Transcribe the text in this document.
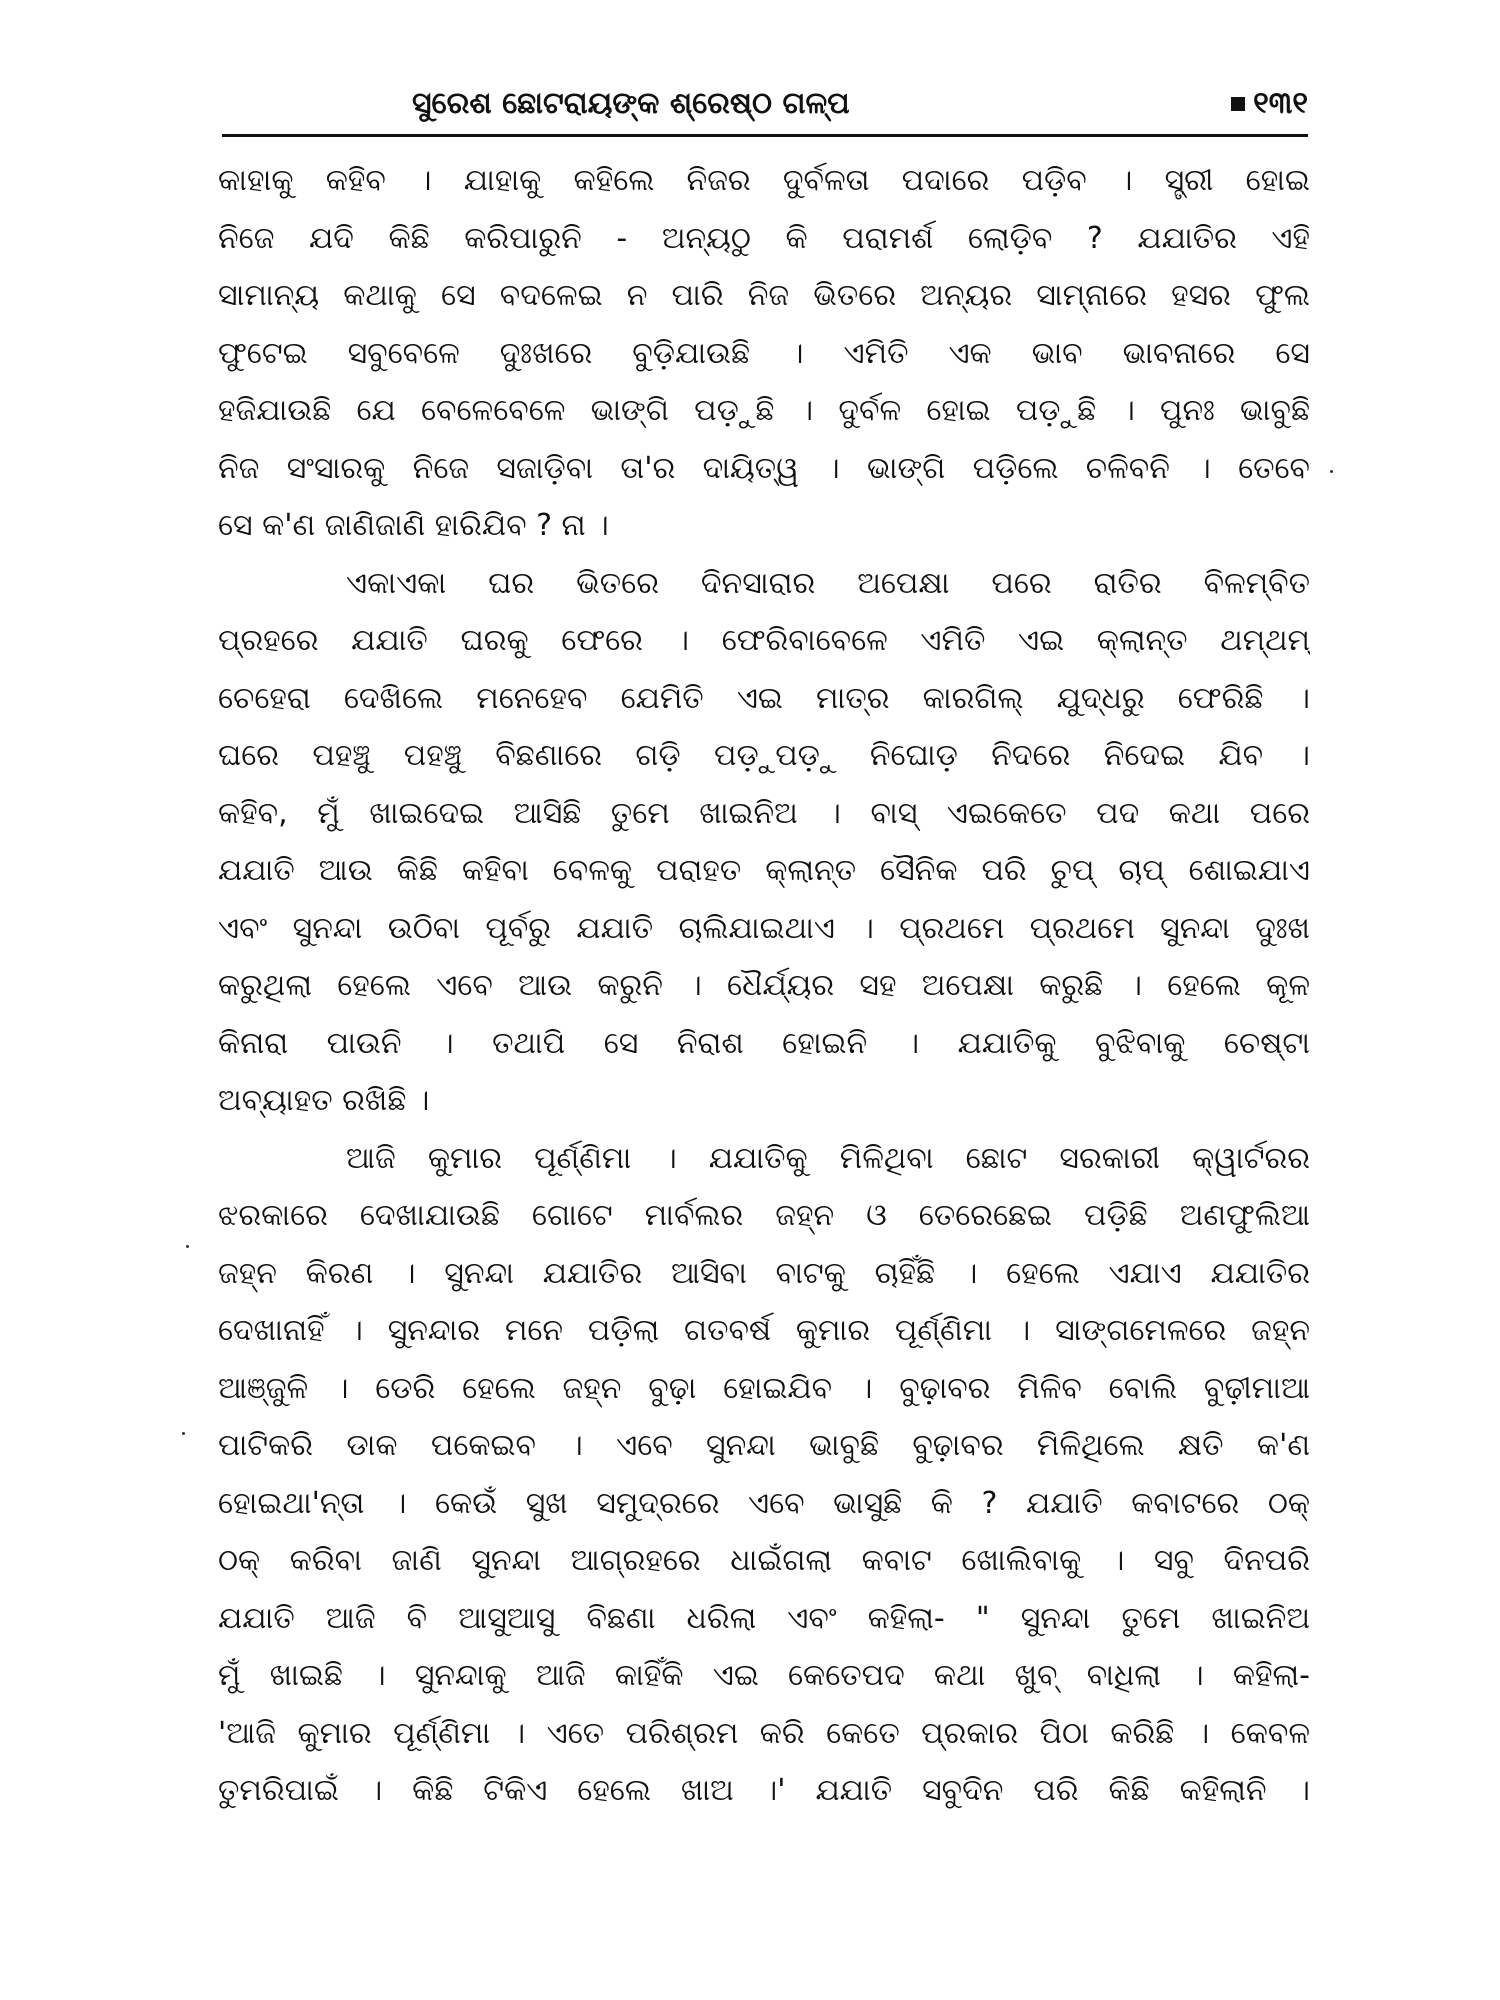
ସୁରେଶ ଛୋଟରାୟଙ୍କ ଶ୍ରେଷ୍ଠ ଗଳ୍ପ	୧୩୧
କାହାକୁ କହିବ । ଯାହାକୁ କହିଲେ ନିଜର ଦୁର୍ବଳତା ପଦାରେ ପଡ଼ିବ । ସ୍ତ୍ରୀ ହୋଇ
ନିଜେ ଯଦି କିଛି କରିପାରୁନି - ଅନ୍ୟଠୁ କି ପରାମର୍ଶ ଲୋଡ଼ିବ ? ଯଯାତିର ଏହି
ସାମାନ୍ୟ କଥାକୁ ସେ ବଦଳେଇ ନ ପାରି ନିଜ ଭିତରେ ଅନ୍ୟର ସାମ୍ନାରେ ହସର ଫୁଲ
ଫୁଟେଇ ସବୁବେଳେ ଦୁଃଖରେ ବୁଡ଼ିଯାଉଛି । ଏମିତି ଏକ ଭାବ ଭାବନାରେ ସେ
ହଜିଯାଉଛି ଯେ ବେଳେବେଳେ ଭାଙ୍ଗି ପଡ଼ୁଛି । ଦୁର୍ବଳ ହୋଇ ପଡ଼ୁଛି । ପୁନଃ ଭାବୁଛି
ନିଜ ସଂସାରକୁ ନିଜେ ସଜାଡ଼ିବା ତା'ର ଦାୟିତ୍ୱ । ଭାଙ୍ଗି ପଡ଼ିଲେ ଚଳିବନି । ତେବେ
ସେ କ'ଣ ଜାଣିଜାଣି ହାରିଯିବ ? ନା ।
ଏକାଏକା ଘର ଭିତରେ ଦିନସାରାର ଅପେକ୍ଷା ପରେ ରାତିର ବିଳମ୍ବିତ
ପ୍ରହରେ ଯଯାତି ଘରକୁ ଫେରେ । ଫେରିବାବେଳେ ଏମିତି ଏଇ କ୍ଲାନ୍ତ ଥମ୍‌ଥମ୍
ଚେହେରା ଦେଖିଲେ ମନେହେବ ଯେମିତି ଏଇ ମାତ୍ର କାରଗିଲ୍ ଯୁଦ୍ଧରୁ ଫେରିଛି ।
ଘରେ ପହଞ୍ଚୁ ପହଞ୍ଚୁ ବିଛଣାରେ ଗଡ଼ି ପଡ଼ୁପଡ଼ୁ ନିଘୋଡ଼ ନିଦରେ ନିଦେଇ ଯିବ ।
କହିବ, ମୁଁ ଖାଇଦେଇ ଆସିଛି ତୁମେ ଖାଇନିଅ । ବାସ୍ ଏଇକେତେ ପଦ କଥା ପରେ
ଯଯାତି ଆଉ କିଛି କହିବା ବେଳକୁ ପରାହତ କ୍ଲାନ୍ତ ସୈନିକ ପରି ଚୁପ୍ ଚାପ୍ ଶୋଇଯାଏ
ଏବଂ ସୁନନ୍ଦା ଉଠିବା ପୂର୍ବରୁ ଯଯାତି ଚାଲିଯାଇଥାଏ । ପ୍ରଥମେ ପ୍ରଥମେ ସୁନନ୍ଦା ଦୁଃଖ
କରୁଥିଲା ହେଲେ ଏବେ ଆଉ କରୁନି । ଧୈର୍ଯ୍ୟର ସହ ଅପେକ୍ଷା କରୁଛି । ହେଲେ କୂଳ
କିନାରା ପାଉନି । ତଥାପି ସେ ନିରାଶ ହୋଇନି । ଯଯାତିକୁ ବୁଝିବାକୁ ଚେଷ୍ଟା
ଅବ୍ୟାହତ ରଖିଛି ।
ଆଜି କୁମାର ପୂର୍ଣ୍ଣିମା । ଯଯାତିକୁ ମିଳିଥିବା ଛୋଟ ସରକାରୀ କ୍ୱାର୍ଟରର
ଝରକାରେ ଦେଖାଯାଉଛି ଗୋଟେ ମାର୍ବଲର ଜହ୍ନ ଓ ତେରେଛେଇ ପଡ଼ିଛି ଅଣଫୁଲିଆ
ଜହ୍ନ କିରଣ । ସୁନନ୍ଦା ଯଯାତିର ଆସିବା ବାଟକୁ ଚାହିଁଛି । ହେଲେ ଏଯାଏ ଯଯାତିର
ଦେଖାନାହିଁ । ସୁନନ୍ଦାର ମନେ ପଡ଼ିଲା ଗତବର୍ଷ କୁମାର ପୂର୍ଣ୍ଣିମା । ସାଙ୍ଗମେଳରେ ଜହ୍ନ
ଆଞ୍ଜୁଳି । ଡେରି ହେଲେ ଜହ୍ନ ବୁଢ଼ା ହୋଇଯିବ । ବୁଢ଼ାବର ମିଳିବ ବୋଲି ବୁଢ଼ୀମାଆ
ପାଟିକରି ଡାକ ପକେଇବ । ଏବେ ସୁନନ୍ଦା ଭାବୁଛି ବୁଢ଼ାବର ମିଳିଥିଲେ କ୍ଷତି କ'ଣ
ହୋଇଥା'ନ୍ତା । କେଉଁ ସୁଖ ସମୁଦ୍ରରେ ଏବେ ଭାସୁଛି କି ? ଯଯାତି କବାଟରେ ଠକ୍
ଠକ୍ କରିବା ଜାଣି ସୁନନ୍ଦା ଆଗ୍ରହରେ ଧାଇଁଗଲା କବାଟ ଖୋଲିବାକୁ । ସବୁ ଦିନପରି
ଯଯାତି ଆଜି ବି ଆସୁଆସୁ ବିଛଣା ଧରିଲା ଏବଂ କହିଲା- " ସୁନନ୍ଦା ତୁମେ ଖାଇନିଅ
ମୁଁ ଖାଇଛି । ସୁନନ୍ଦାକୁ ଆଜି କାହିଁକି ଏଇ କେତେପଦ କଥା ଖୁବ୍ ବାଧିଲା । କହିଲା-
'ଆଜି କୁମାର ପୂର୍ଣ୍ଣିମା । ଏତେ ପରିଶ୍ରମ କରି କେତେ ପ୍ରକାର ପିଠା କରିଛି । କେବଳ
ତୁମରିପାଇଁ । କିଛି ଟିକିଏ ହେଲେ ଖାଅ ।' ଯଯାତି ସବୁଦିନ ପରି କିଛି କହିଲାନି ।
